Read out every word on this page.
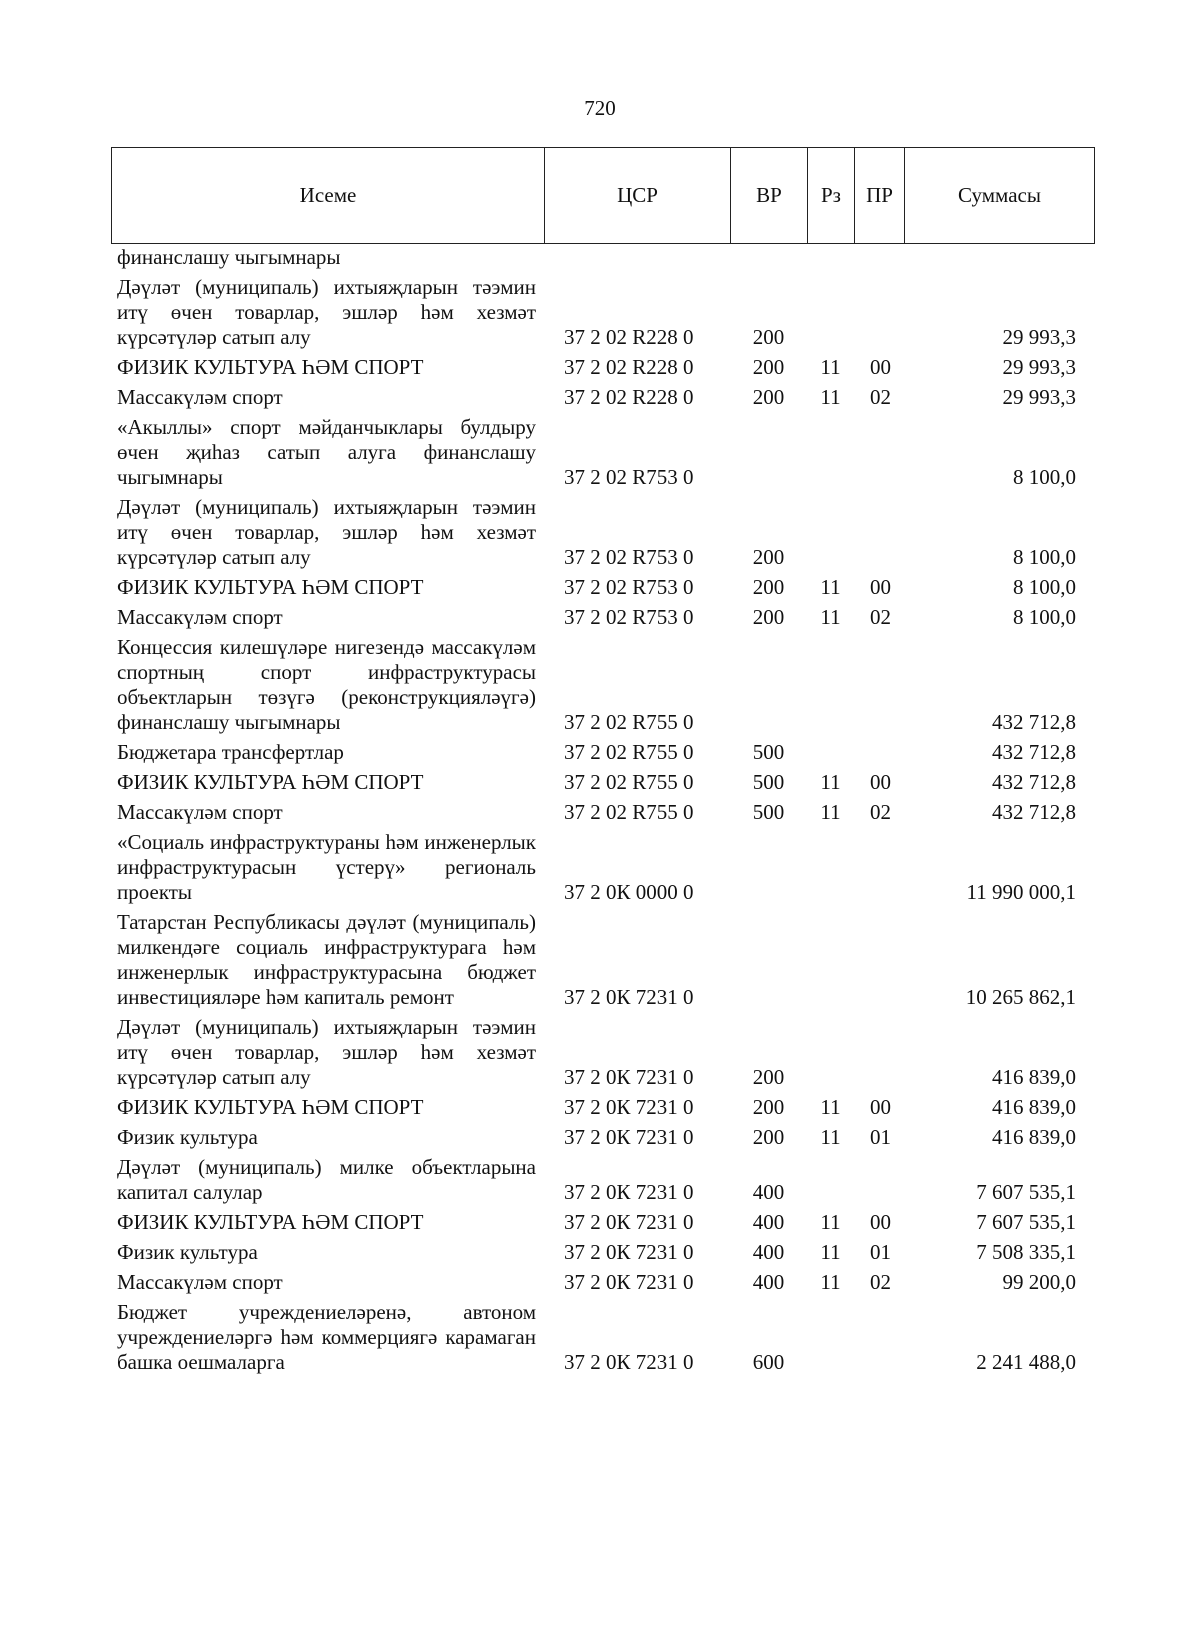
720
Исеме	ЦСР	ВР	Рз	ПР	Суммасы
финанслашу чыгымнары					
Дәүләт (муниципаль) ихтыяҗларын тәэмин итү өчен товарлар, эшләр һәм хезмәт күрсәтүләр сатып алу	37 2 02 R228 0	200			29 993,3
ФИЗИК КУЛЬТУРА ҺӘМ СПОРТ	37 2 02 R228 0	200	11	00	29 993,3
Массакүләм спорт	37 2 02 R228 0	200	11	02	29 993,3
«Акыллы» спорт мәйданчыклары булдыру өчен җиһаз сатып алуга финанслашу чыгымнары	37 2 02 R753 0				8 100,0
Дәүләт (муниципаль) ихтыяҗларын тәэмин итү өчен товарлар, эшләр һәм хезмәт күрсәтүләр сатып алу	37 2 02 R753 0	200			8 100,0
ФИЗИК КУЛЬТУРА ҺӘМ СПОРТ	37 2 02 R753 0	200	11	00	8 100,0
Массакүләм спорт	37 2 02 R753 0	200	11	02	8 100,0
Концессия килешүләре нигезендә массакүләм спортның спорт инфраструктурасы объектларын төзүгә (реконструкцияләүгә) финанслашу чыгымнары	37 2 02 R755 0				432 712,8
Бюджетара трансфертлар	37 2 02 R755 0	500			432 712,8
ФИЗИК КУЛЬТУРА ҺӘМ СПОРТ	37 2 02 R755 0	500	11	00	432 712,8
Массакүләм спорт	37 2 02 R755 0	500	11	02	432 712,8
«Социаль инфраструктураны һәм инженерлык инфраструктурасын үстерү» региональ проекты	37 2 0К 0000 0				11 990 000,1
Татарстан Республикасы дәүләт (муниципаль) милкендәге социаль инфраструктурага һәм инженерлык инфраструктурасына бюджет инвестицияләре һәм капиталь ремонт	37 2 0К 7231 0				10 265 862,1
Дәүләт (муниципаль) ихтыяҗларын тәэмин итү өчен товарлар, эшләр һәм хезмәт күрсәтүләр сатып алу	37 2 0К 7231 0	200			416 839,0
ФИЗИК КУЛЬТУРА ҺӘМ СПОРТ	37 2 0К 7231 0	200	11	00	416 839,0
Физик культура	37 2 0К 7231 0	200	11	01	416 839,0
Дәүләт (муниципаль) милке объектларына капитал салулар	37 2 0К 7231 0	400			7 607 535,1
ФИЗИК КУЛЬТУРА ҺӘМ СПОРТ	37 2 0К 7231 0	400	11	00	7 607 535,1
Физик культура	37 2 0К 7231 0	400	11	01	7 508 335,1
Массакүләм спорт	37 2 0К 7231 0	400	11	02	99 200,0
Бюджет учреждениеләренә, автоном учреждениеләргә һәм коммерциягә карамаган башка оешмаларга	37 2 0К 7231 0	600			2 241 488,0
